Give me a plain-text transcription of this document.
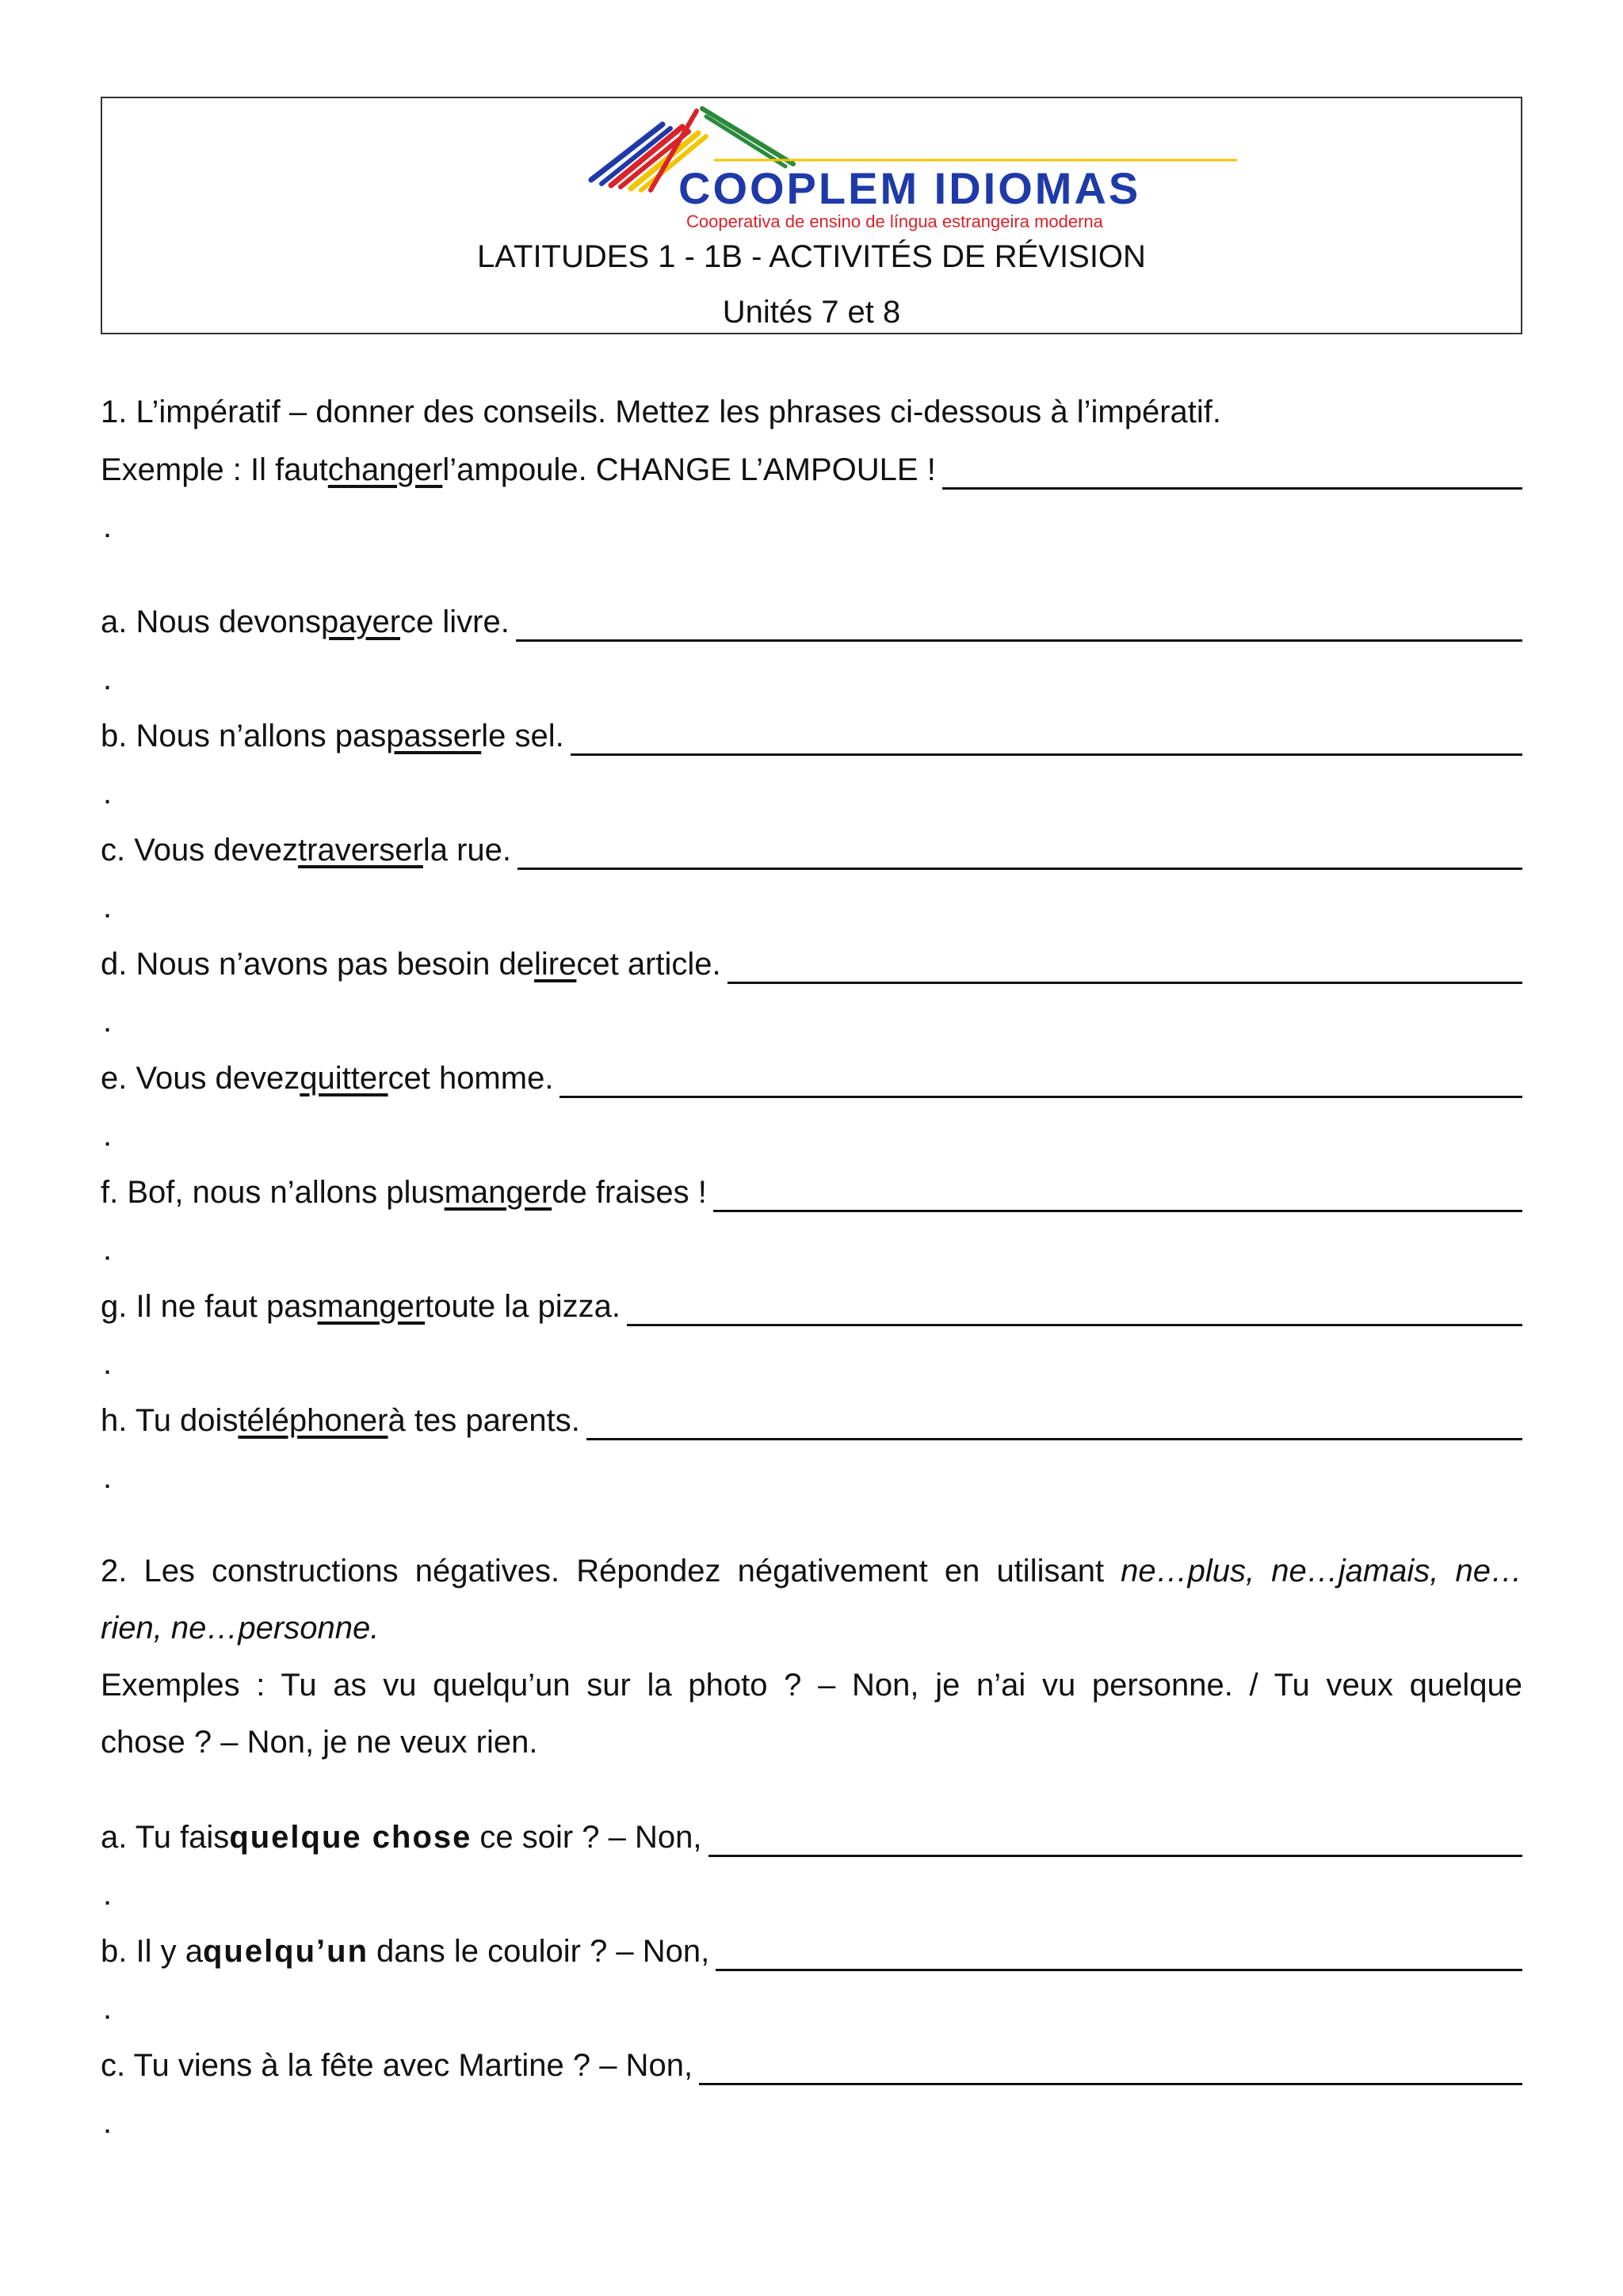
COOPLEM IDIOMAS
Cooperativa de ensino de língua estrangeira moderna
LATITUDES 1 - 1B - ACTIVITÉS DE RÉVISION
Unités 7 et 8
1. L’impératif – donner des conseils. Mettez les phrases ci-dessous à l’impératif.
Exemple : Il faut changer l’ampoule. CHANGE L’AMPOULE !
.
a. Nous devons payer ce livre.
.
b. Nous n’allons pas passer le sel.
.
c. Vous devez traverser la rue.
.
d. Nous n’avons pas besoin de lire cet article.
.
e. Vous devez quitter cet homme.
.
f. Bof, nous n’allons plus manger de fraises !
.
g. Il ne faut pas manger toute la pizza.
.
h. Tu dois téléphoner à tes parents.
.
2. Les constructions négatives. Répondez négativement en utilisant ne…plus, ne…jamais, ne…
rien, ne…personne.
Exemples : Tu as vu quelqu’un sur la photo ? – Non, je n’ai vu personne. / Tu veux quelque
chose ? – Non, je ne veux rien.
a. Tu fais quelque chose ce soir ? – Non,
.
b. Il y a quelqu’un dans le couloir ? – Non,
.
c. Tu viens à la fête avec Martine ? – Non,
.
